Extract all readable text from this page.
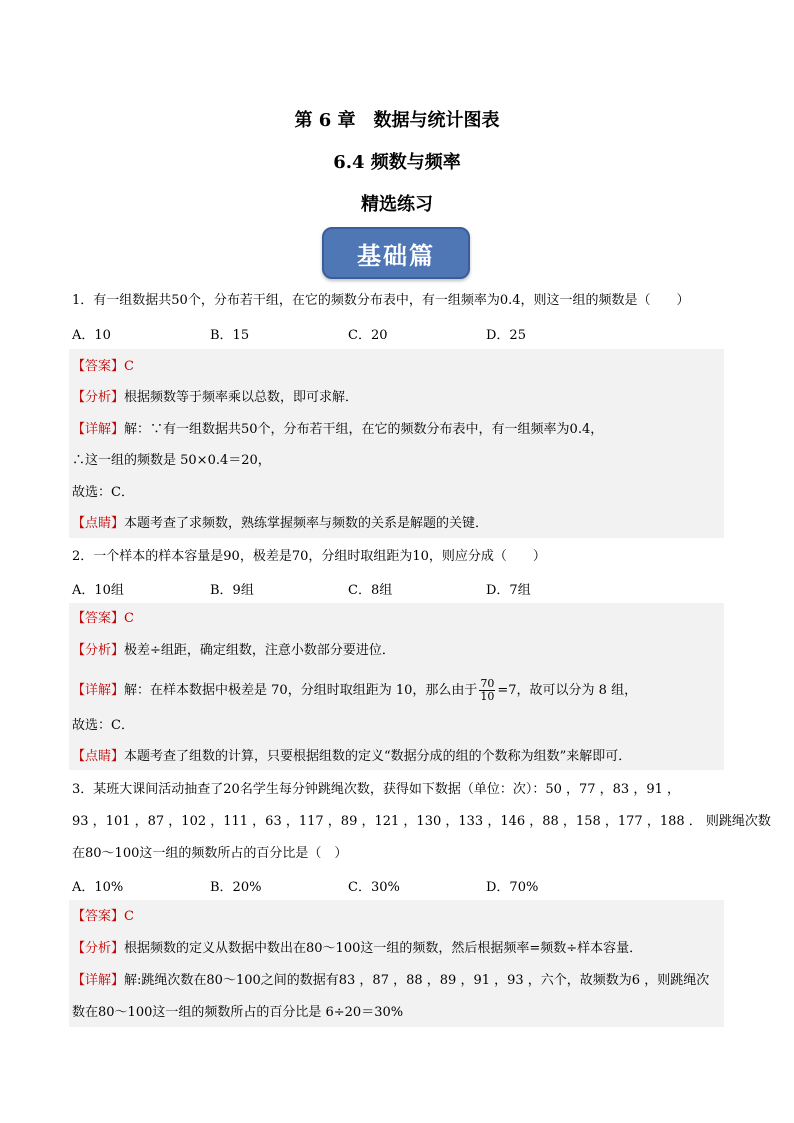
第 6 章　数据与统计图表
6.4 频数与频率
精选练习
基础篇
1．有一组数据共50个，分布若干组，在它的频数分布表中，有一组频率为0.4，则这一组的频数是（　　）
A．10	B．15	C．20	D．25
【答案】C
【分析】根据频数等于频率乘以总数，即可求解．
【详解】解：∵有一组数据共50个，分布若干组，在它的频数分布表中，有一组频率为0.4，
∴这一组的频数是 50×0.4＝20，
故选：C．
【点睛】本题考查了求频数，熟练掌握频率与频数的关系是解题的关键．
2．一个样本的样本容量是90，极差是70，分组时取组距为10，则应分成（　　）
A．10组	B．9组	C．8组	D．7组
【答案】C
【分析】极差÷组距，确定组数，注意小数部分要进位．
【详解】解：在样本数据中极差是 70，分组时取组距为 10，那么由于 $\frac{70}{10} =7$，故可以分为 8 组，
故选：C．
【点睛】本题考查了组数的计算，只要根据组数的定义“数据分成的组的个数称为组数”来解即可．
3．某班大课间活动抽查了20名学生每分钟跳绳次数，获得如下数据（单位：次）：50 ，77 ，83 ，91 ，
93 ，101 ，87 ，102 ，111 ，63 ，117 ，89 ，121 ，130 ，133 ，146 ，88 ，158 ，177 ，188 ． 则跳绳次数
在80～100这一组的频数所占的百分比是（　）
A．10%	B．20%	C．30%	D．70%
【答案】C
【分析】根据频数的定义从数据中数出在80～100这一组的频数，然后根据频率=频数÷样本容量．
【详解】解:跳绳次数在80～100之间的数据有83 ，87 ，88 ，89 ，91 ，93 ，六个，故频数为6 ，则跳绳次
数在80～100这一组的频数所占的百分比是 6÷20＝30%
